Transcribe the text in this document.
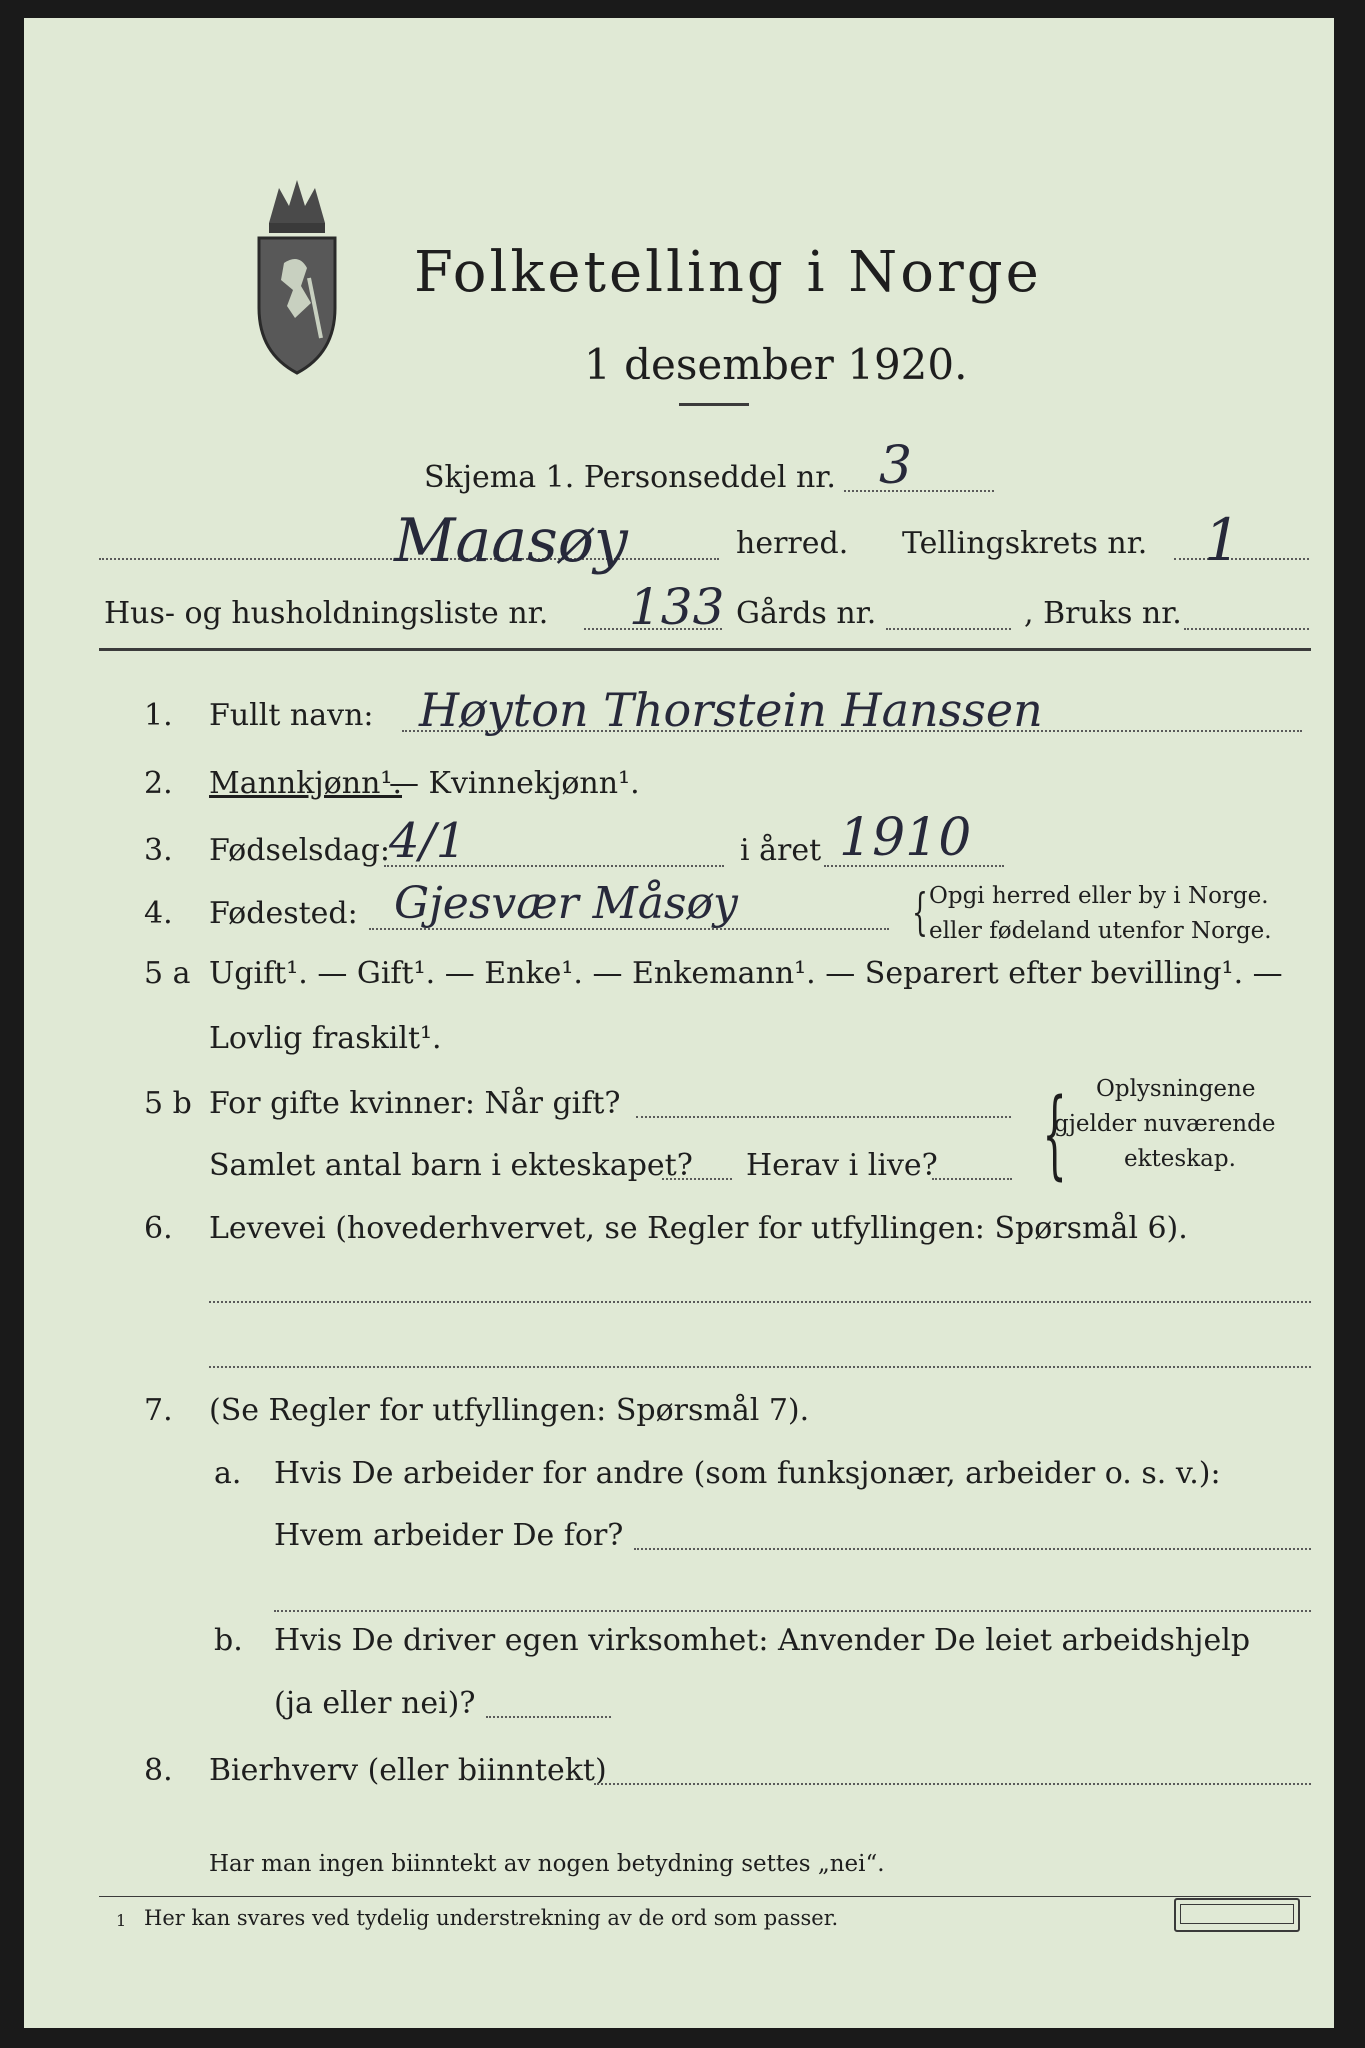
Folketelling i Norge
1 desember 1920.
Skjema 1. Personseddel nr. 3
Maasøy	herred. Tellingskrets nr. 1
Hus- og husholdningsliste nr. 133 Gårds nr.	, Bruks nr.
1. Fullt navn: Høyton Thorstein Hanssen
2. Mannkjønn¹.
— Kvinnekjønn¹.
3. Fødselsdag: 4/1	i året 1910
4. Fødested: Gjesvær Måsøy	{ Opgi herred eller by i Norge.
eller fødeland utenfor Norge.
5 a Ugift¹. — Gift¹. — Enke¹. — Enkemann¹. — Separert efter bevilling¹. —
Lovlig fraskilt¹.
5 b For gifte kvinner: Når gift?
Samlet antal barn i ekteskapet? Herav i live? { Oplysningene
gjelder nuværende
ekteskap.
6. Levevei (hovederhvervet, se Regler for utfyllingen: Spørsmål 6).
7. (Se Regler for utfyllingen: Spørsmål 7).
a. Hvis De arbeider for andre (som funksjonær, arbeider o. s. v.):
Hvem arbeider De for?
b. Hvis De driver egen virksomhet: Anvender De leiet arbeidshjelp
(ja eller nei)?
8. Bierhverv (eller biinntekt)
Har man ingen biinntekt av nogen betydning settes „nei“.
1 Her kan svares ved tydelig understrekning av de ord som passer.
